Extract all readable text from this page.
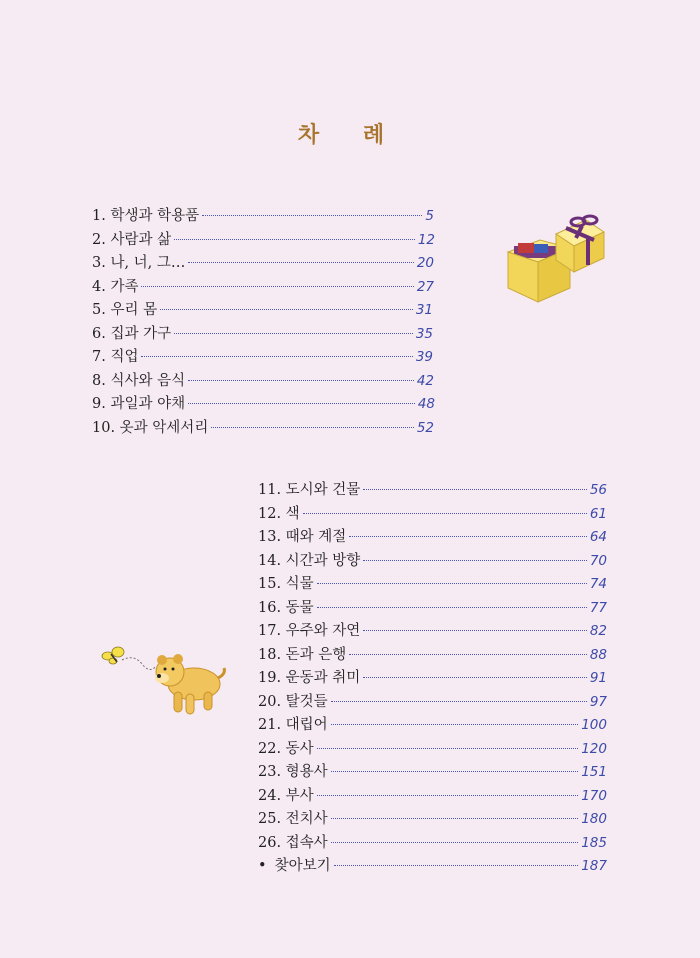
차 례
1. 학생과 학용품	5
2. 사람과 삶	12
3. 나, 너, 그…	20
4. 가족	27
5. 우리 몸	31
6. 집과 가구	35
7. 직업	39
8. 식사와 음식	42
9. 과일과 야채	48
10. 옷과 악세서리	52
11. 도시와 건물	56
12. 색	61
13. 때와 계절	64
14. 시간과 방향	70
15. 식물	74
16. 동물	77
17. 우주와 자연	82
18. 돈과 은행	88
19. 운동과 취미	91
20. 탈것들	97
21. 대립어	100
22. 동사	120
23. 형용사	151
24. 부사	170
25. 전치사	180
26. 접속사	185
• 찾아보기	187
